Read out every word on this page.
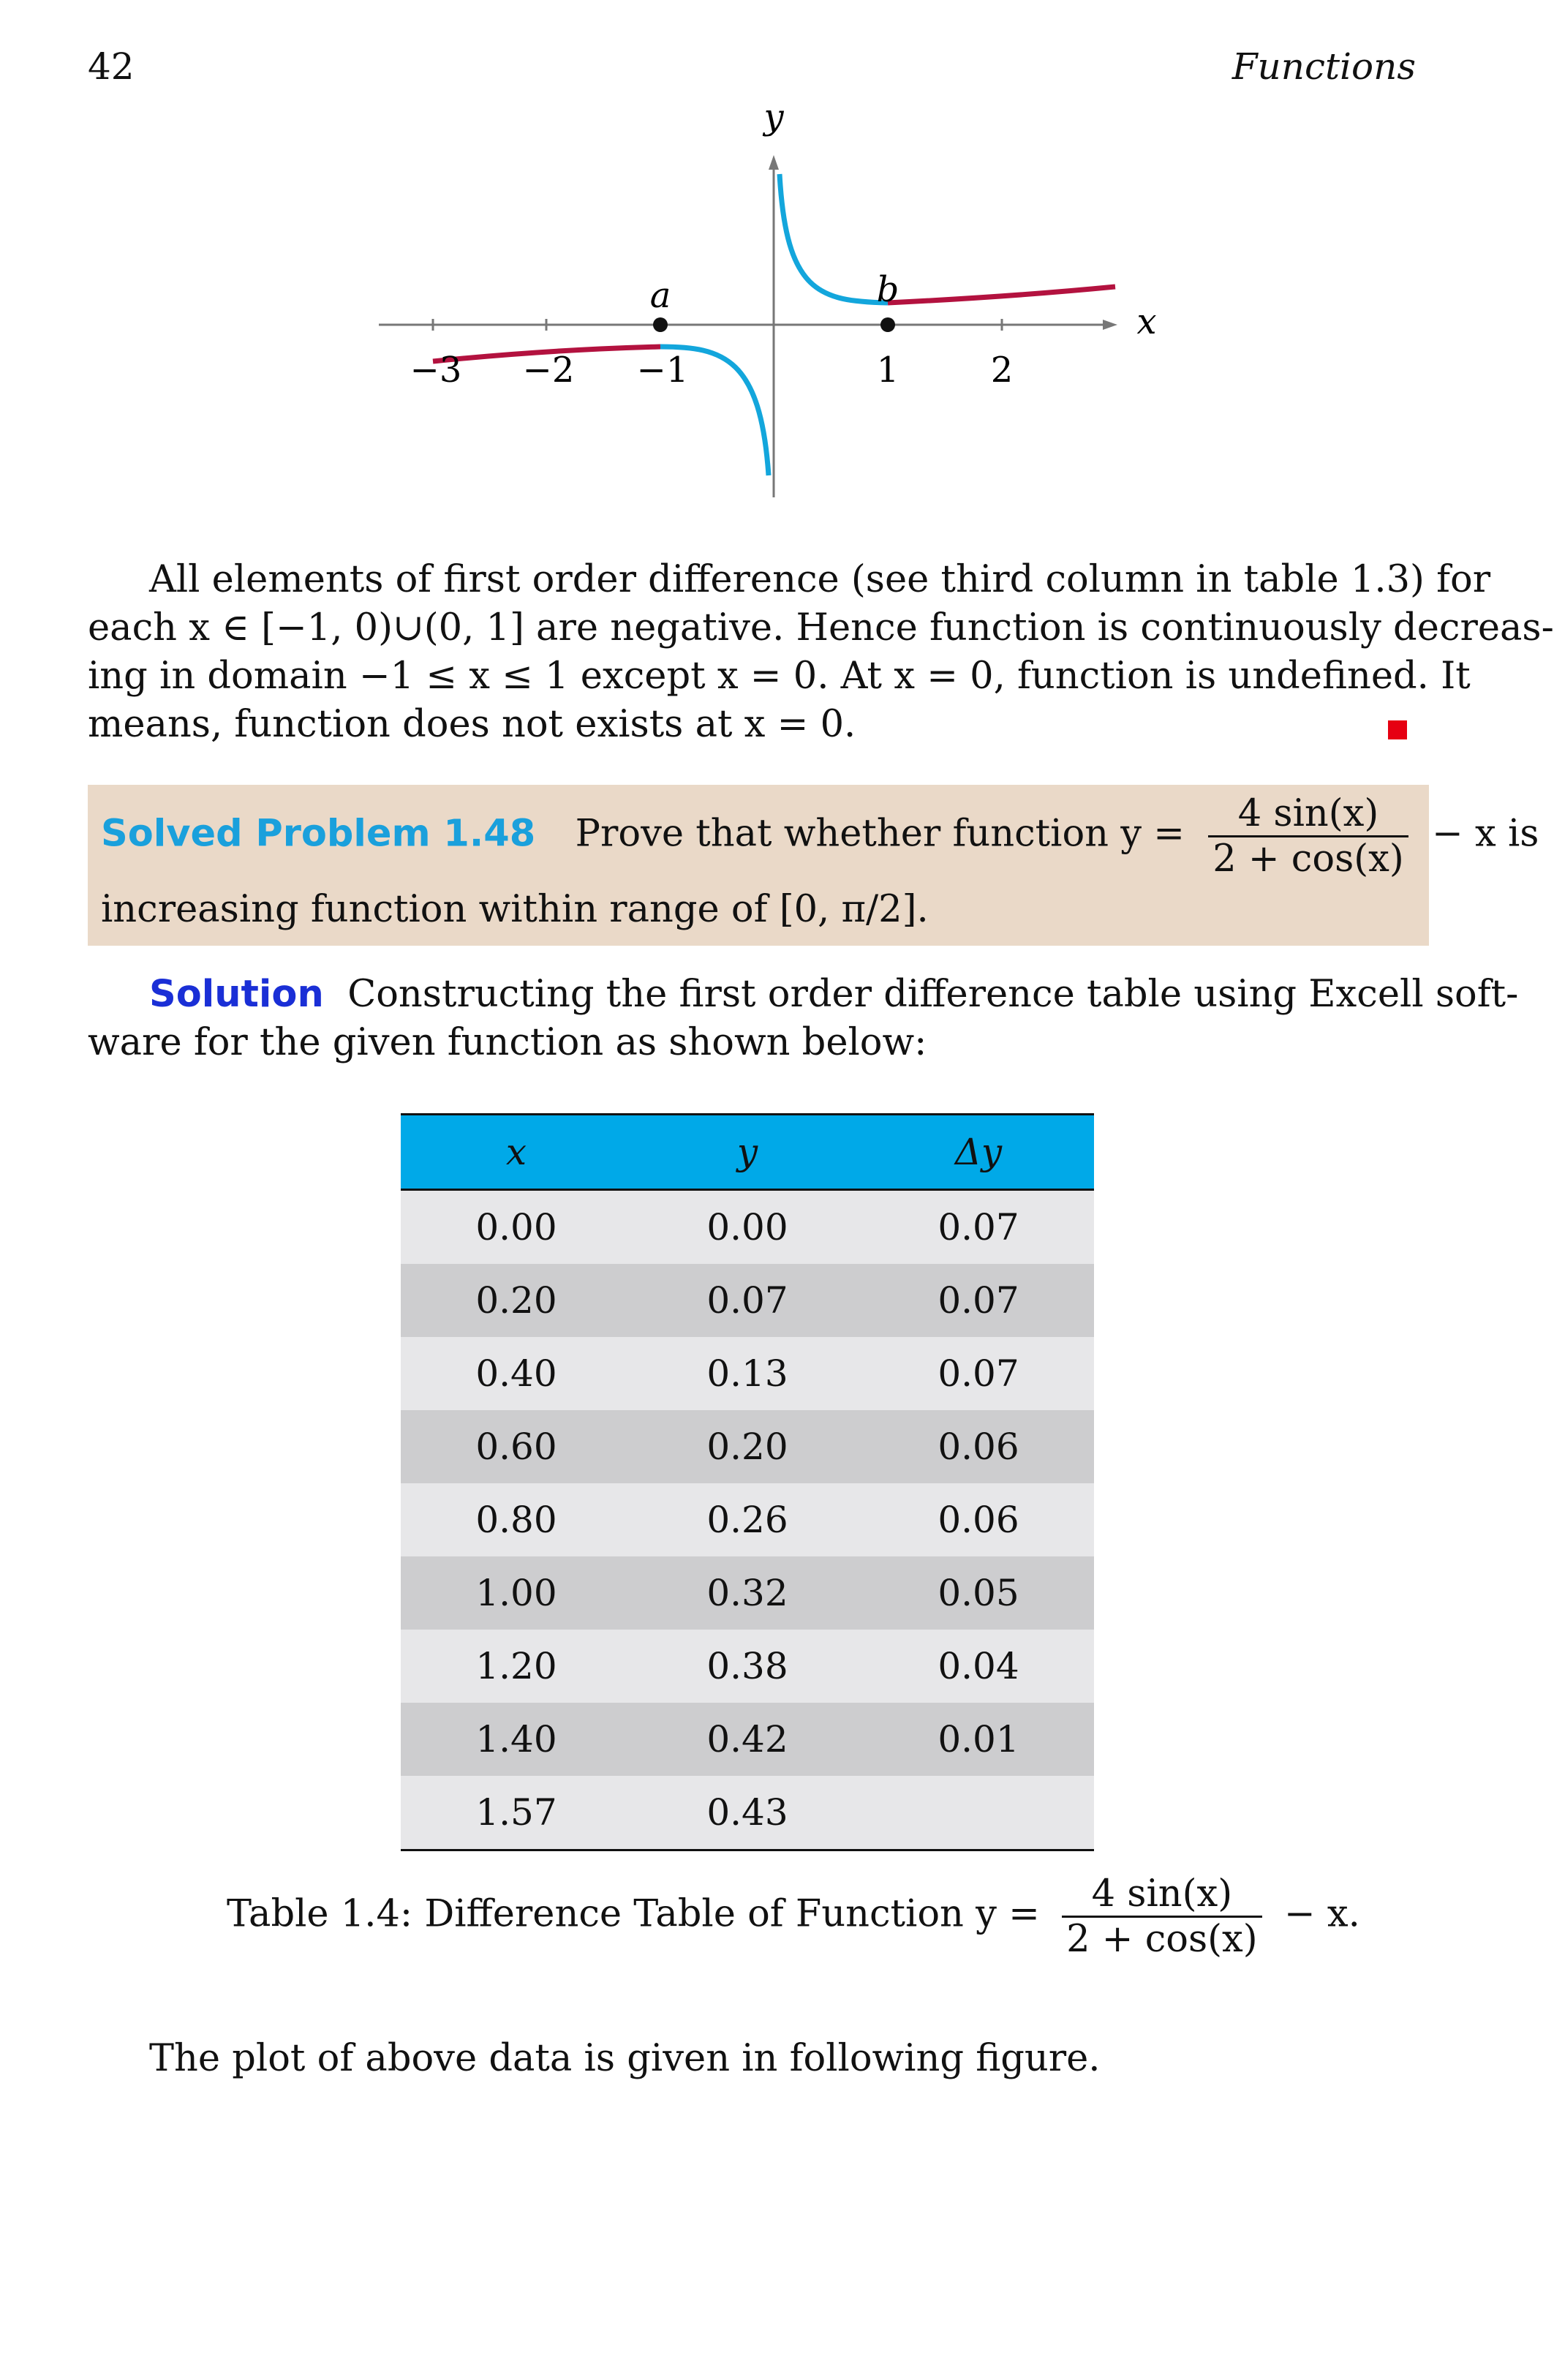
42	Functions
y
x
a	b
−3 −2 −1	1	2
All elements of first order difference (see third column in table 1.3) for
each x ∈ [−1, 0)∪(0, 1] are negative. Hence function is continuously decreas-
ing in domain −1 ≤ x ≤ 1 except x = 0. At x = 0, function is undefined. It
means, function does not exists at x = 0.
Solved Problem 1.48 Prove that whether function $y = \frac{4 \sin(x)}{2 + \cos(x)} - x$ is
increasing function within range of [0, π/2].
Solution Constructing the first order difference table using Excell soft-
ware for the given function as shown below:
x	y	Δy
0.00	0.00	0.07
0.20	0.07	0.07
0.40	0.13	0.07
0.60	0.20	0.06
0.80	0.26	0.06
1.00	0.32	0.05
1.20	0.38	0.04
1.40	0.42	0.01
1.57	0.43	
Table 1.4: Difference Table of Function $y = \frac{4 \sin(x)}{2 + \cos(x)} - x$.
The plot of above data is given in following figure.
